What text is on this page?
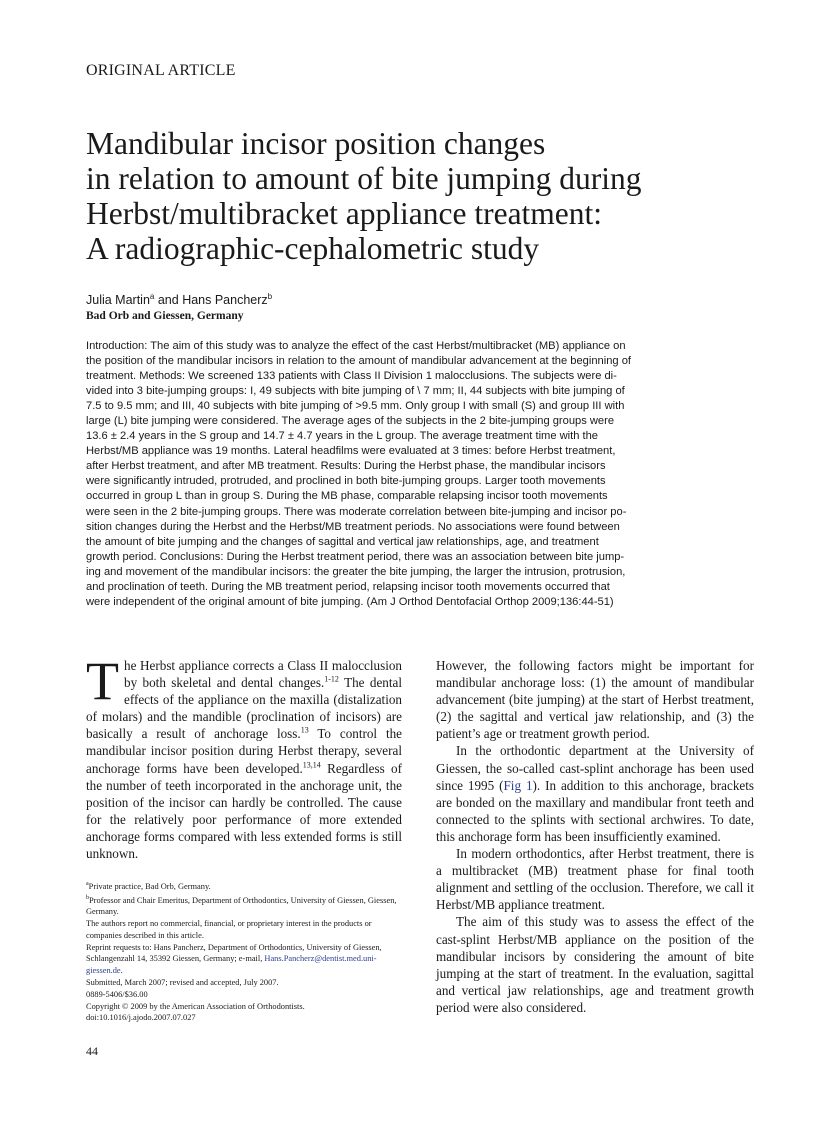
ORIGINAL ARTICLE
Mandibular incisor position changes
in relation to amount of bite jumping during
Herbst/multibracket appliance treatment:
A radiographic-cephalometric study
Julia Martin$^a$ and Hans Pancherz$^b$
Bad Orb and Giessen, Germany
Introduction: The aim of this study was to analyze the effect of the cast Herbst/multibracket (MB) appliance on
the position of the mandibular incisors in relation to the amount of mandibular advancement at the beginning of
treatment. Methods: We screened 133 patients with Class II Division 1 malocclusions. The subjects were di-
vided into 3 bite-jumping groups: I, 49 subjects with bite jumping of \ 7 mm; II, 44 subjects with bite jumping of
7.5 to 9.5 mm; and III, 40 subjects with bite jumping of >9.5 mm. Only group I with small (S) and group III with
large (L) bite jumping were considered. The average ages of the subjects in the 2 bite-jumping groups were
13.6 ± 2.4 years in the S group and 14.7 ± 4.7 years in the L group. The average treatment time with the
Herbst/MB appliance was 19 months. Lateral headfilms were evaluated at 3 times: before Herbst treatment,
after Herbst treatment, and after MB treatment. Results: During the Herbst phase, the mandibular incisors
were significantly intruded, protruded, and proclined in both bite-jumping groups. Larger tooth movements
occurred in group L than in group S. During the MB phase, comparable relapsing incisor tooth movements
were seen in the 2 bite-jumping groups. There was moderate correlation between bite-jumping and incisor po-
sition changes during the Herbst and the Herbst/MB treatment periods. No associations were found between
the amount of bite jumping and the changes of sagittal and vertical jaw relationships, age, and treatment
growth period. Conclusions: During the Herbst treatment period, there was an association between bite jump-
ing and movement of the mandibular incisors: the greater the bite jumping, the larger the intrusion, protrusion,
and proclination of teeth. During the MB treatment period, relapsing incisor tooth movements occurred that
were independent of the original amount of bite jumping. (Am J Orthod Dentofacial Orthop 2009;136:44-51)

The Herbst appliance corrects a Class II malocclusion by both skeletal and dental changes.$^{1-12}$ The dental effects of the appliance on the maxilla (distalization of molars) and the mandible (proclination of incisors) are basically a result of anchorage loss.$^{13}$ To control the mandibular incisor position during Herbst therapy, several anchorage forms have been developed.$^{13,14}$ Regardless of the number of teeth incorporated in the anchorage unit, the position of the incisor can hardly be controlled. The cause for the relatively poor performance of more extended anchorage forms compared with less extended forms is still unknown.

However, the following factors might be important for mandibular anchorage loss: (1) the amount of mandibular advancement (bite jumping) at the start of Herbst treatment, (2) the sagittal and vertical jaw relationship, and (3) the patient’s age or treatment growth period.

In the orthodontic department at the University of Giessen, the so-called cast-splint anchorage has been used since 1995 (Fig 1). In addition to this anchorage, brackets are bonded on the maxillary and mandibular front teeth and connected to the splints with sectional archwires. To date, this anchorage form has been insufficiently examined.

In modern orthodontics, after Herbst treatment, there is a multibracket (MB) treatment phase for final tooth alignment and settling of the occlusion. Therefore, we call it Herbst/MB appliance treatment.

The aim of this study was to assess the effect of the cast-splint Herbst/MB appliance on the position of the mandibular incisors by considering the amount of bite jumping at the start of treatment. In the evaluation, sagittal and vertical jaw relationships, age and treatment growth period were also considered.

$^a$Private practice, Bad Orb, Germany.
$^b$Professor and Chair Emeritus, Department of Orthodontics, University of Giessen, Giessen, Germany.
The authors report no commercial, financial, or proprietary interest in the products or companies described in this article.
Reprint requests to: Hans Pancherz, Department of Orthodontics, University of Giessen, Schlangenzahl 14, 35392 Giessen, Germany; e-mail, Hans.Pancherz@dentist.med.uni-giessen.de.
Submitted, March 2007; revised and accepted, July 2007.
0889-5406/$36.00
Copyright © 2009 by the American Association of Orthodontists.
doi:10.1016/j.ajodo.2007.07.027
44
